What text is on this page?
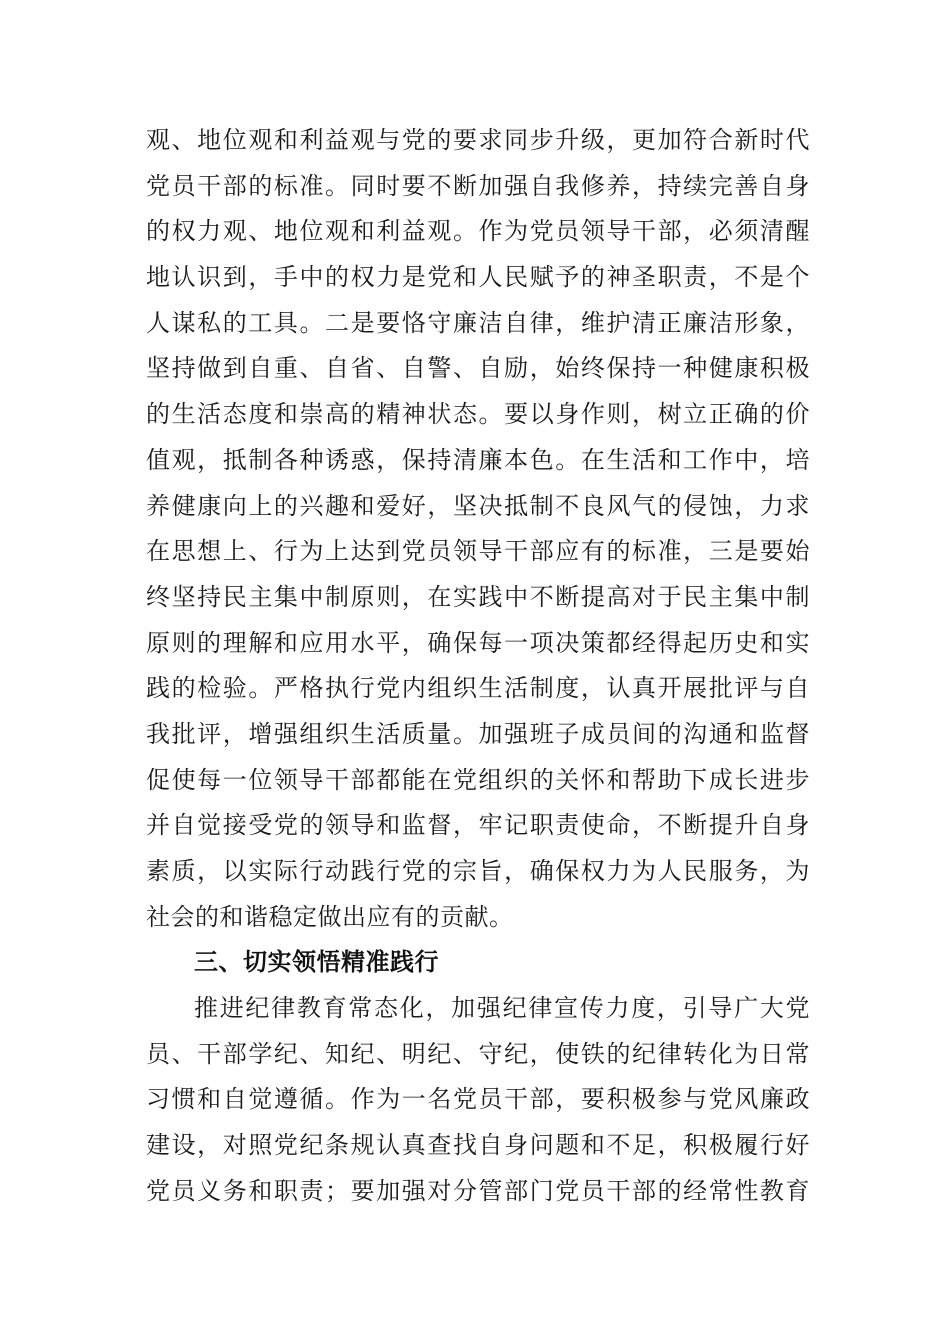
观、地位观和利益观与党的要求同步升级，更加符合新时代
党员干部的标准。同时要不断加强自我修养，持续完善自身
的权力观、地位观和利益观。作为党员领导干部，必须清醒
地认识到，手中的权力是党和人民赋予的神圣职责，不是个
人谋私的工具。二是要恪守廉洁自律，维护清正廉洁形象，
坚持做到自重、自省、自警、自励，始终保持一种健康积极
的生活态度和崇高的精神状态。要以身作则，树立正确的价
值观，抵制各种诱惑，保持清廉本色。在生活和工作中，培
养健康向上的兴趣和爱好，坚决抵制不良风气的侵蚀，力求
在思想上、行为上达到党员领导干部应有的标准，三是要始
终坚持民主集中制原则，在实践中不断提高对于民主集中制
原则的理解和应用水平，确保每一项决策都经得起历史和实
践的检验。严格执行党内组织生活制度，认真开展批评与自
我批评，增强组织生活质量。加强班子成员间的沟通和监督
促使每一位领导干部都能在党组织的关怀和帮助下成长进步
并自觉接受党的领导和监督，牢记职责使命，不断提升自身
素质，以实际行动践行党的宗旨，确保权力为人民服务，为
社会的和谐稳定做出应有的贡献。
三、切实领悟精准践行
推进纪律教育常态化，加强纪律宣传力度，引导广大党
员、干部学纪、知纪、明纪、守纪，使铁的纪律转化为日常
习惯和自觉遵循。作为一名党员干部，要积极参与党风廉政
建设，对照党纪条规认真查找自身问题和不足，积极履行好
党员义务和职责；要加强对分管部门党员干部的经常性教育
